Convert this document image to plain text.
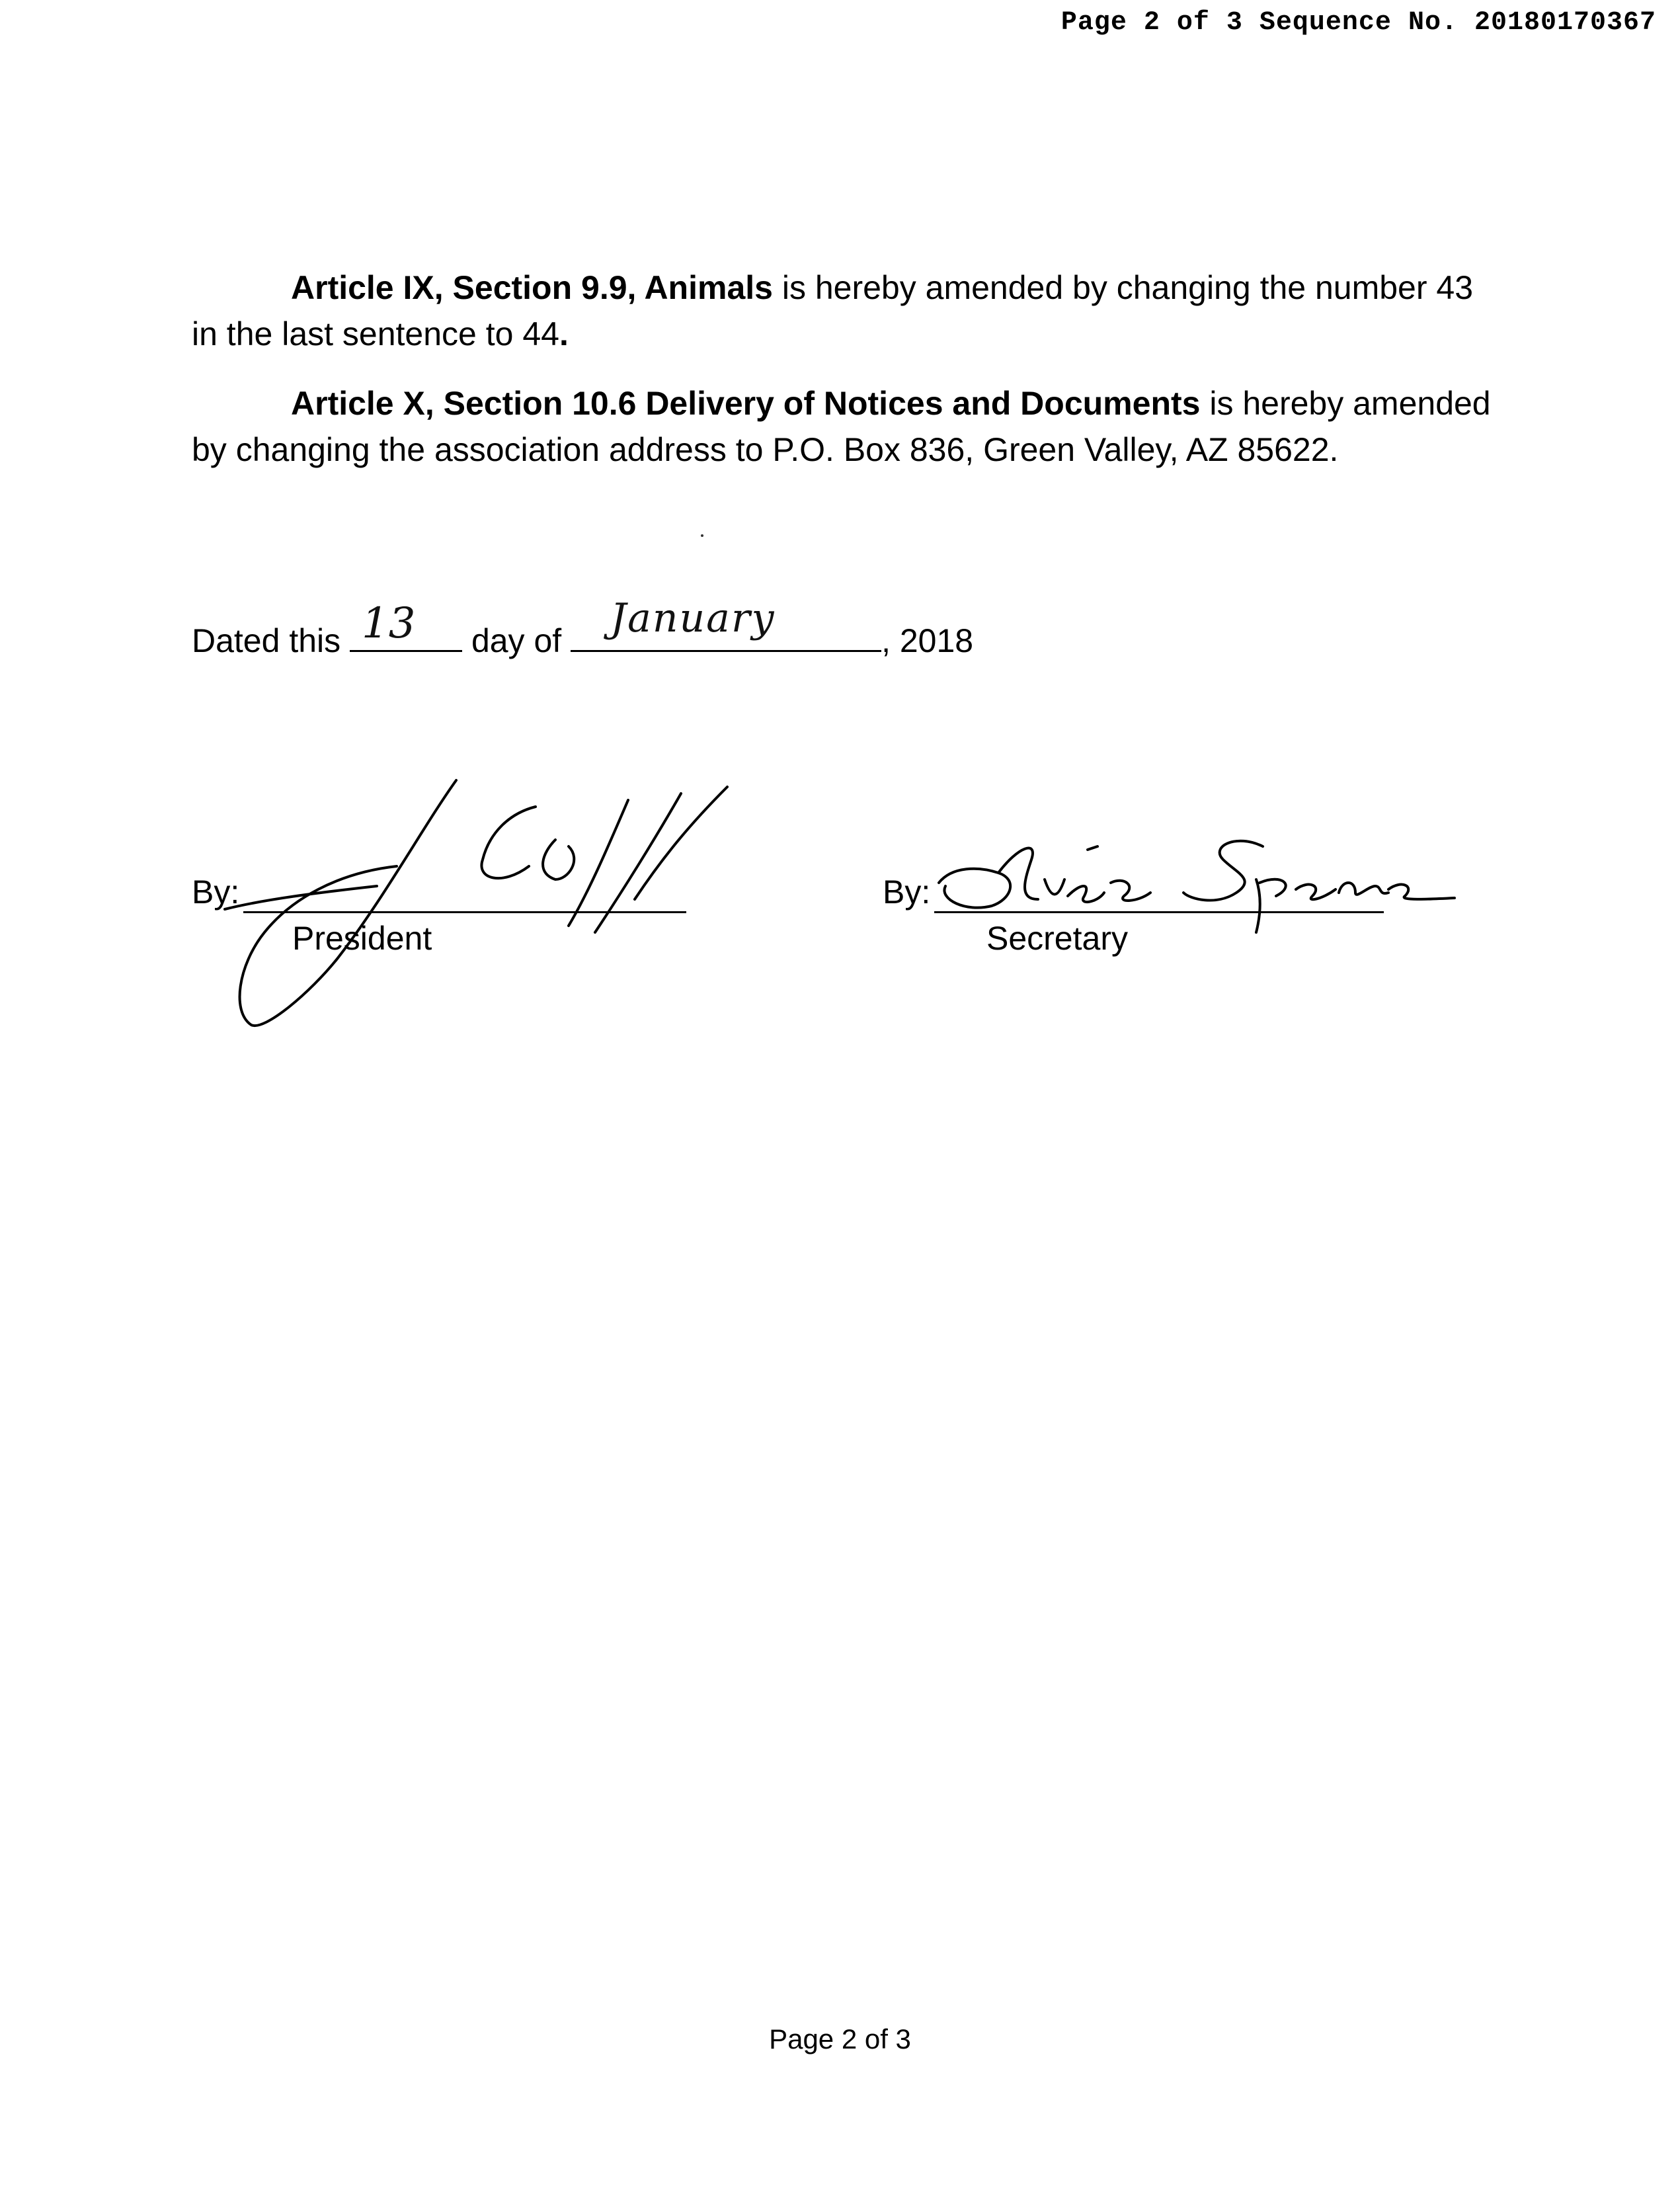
Page 2 of 3 Sequence No. 20180170367

Article IX, Section 9.9, Animals is hereby amended by changing the number 43 in the last sentence to 44.

Article X, Section 10.6 Delivery of Notices and Documents is hereby amended by changing the association address to P.O. Box 836, Green Valley, AZ 85622.

Dated this 13 day of January	, 2018
By:
President
By:
Secretary
Page 2 of 3
